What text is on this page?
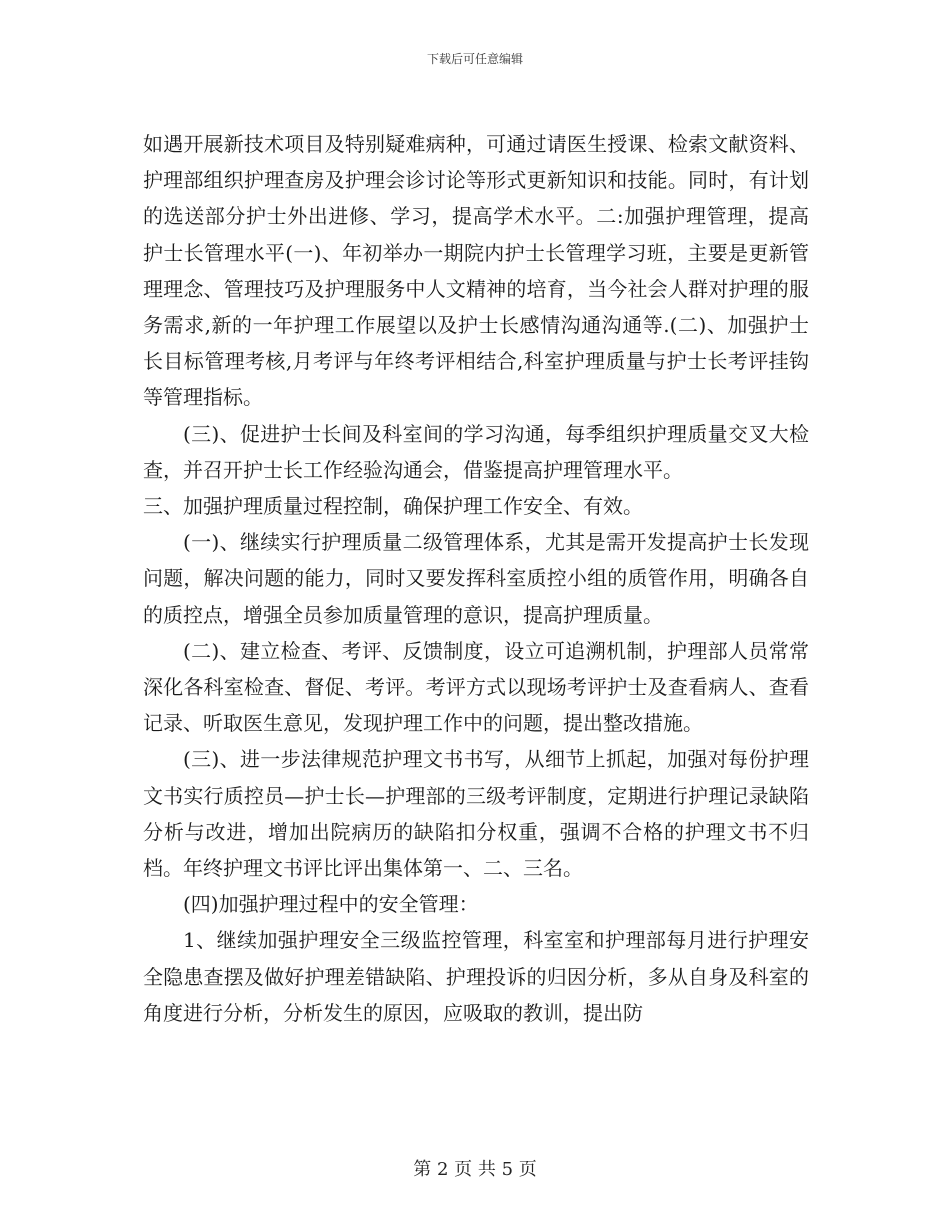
下载后可任意编辑

如遇开展新技术项目及特别疑难病种，可通过请医生授课、检索文献资料、护理部组织护理查房及护理会诊讨论等形式更新知识和技能。同时，有计划的选送部分护士外出进修、学习，提高学术水平。二:加强护理管理，提高护士长管理水平(一)、年初举办一期院内护士长管理学习班，主要是更新管理理念、管理技巧及护理服务中人文精神的培育，当今社会人群对护理的服务需求,新的一年护理工作展望以及护士长感情沟通沟通等.(二)、加强护士长目标管理考核,月考评与年终考评相结合,科室护理质量与护士长考评挂钩等管理指标。

(三)、促进护士长间及科室间的学习沟通，每季组织护理质量交叉大检查，并召开护士长工作经验沟通会，借鉴提高护理管理水平。

三、加强护理质量过程控制，确保护理工作安全、有效。

(一)、继续实行护理质量二级管理体系，尤其是需开发提高护士长发现问题，解决问题的能力，同时又要发挥科室质控小组的质管作用，明确各自的质控点，增强全员参加质量管理的意识，提高护理质量。

(二)、建立检查、考评、反馈制度，设立可追溯机制，护理部人员常常深化各科室检查、督促、考评。考评方式以现场考评护士及查看病人、查看记录、听取医生意见，发现护理工作中的问题，提出整改措施。

(三)、进一步法律规范护理文书书写，从细节上抓起，加强对每份护理文书实行质控员—护士长—护理部的三级考评制度，定期进行护理记录缺陷分析与改进，增加出院病历的缺陷扣分权重，强调不合格的护理文书不归档。年终护理文书评比评出集体第一、二、三名。

(四)加强护理过程中的安全管理：

1、继续加强护理安全三级监控管理，科室室和护理部每月进行护理安全隐患查摆及做好护理差错缺陷、护理投诉的归因分析，多从自身及科室的角度进行分析，分析发生的原因，应吸取的教训，提出防

第 2 页 共 5 页
